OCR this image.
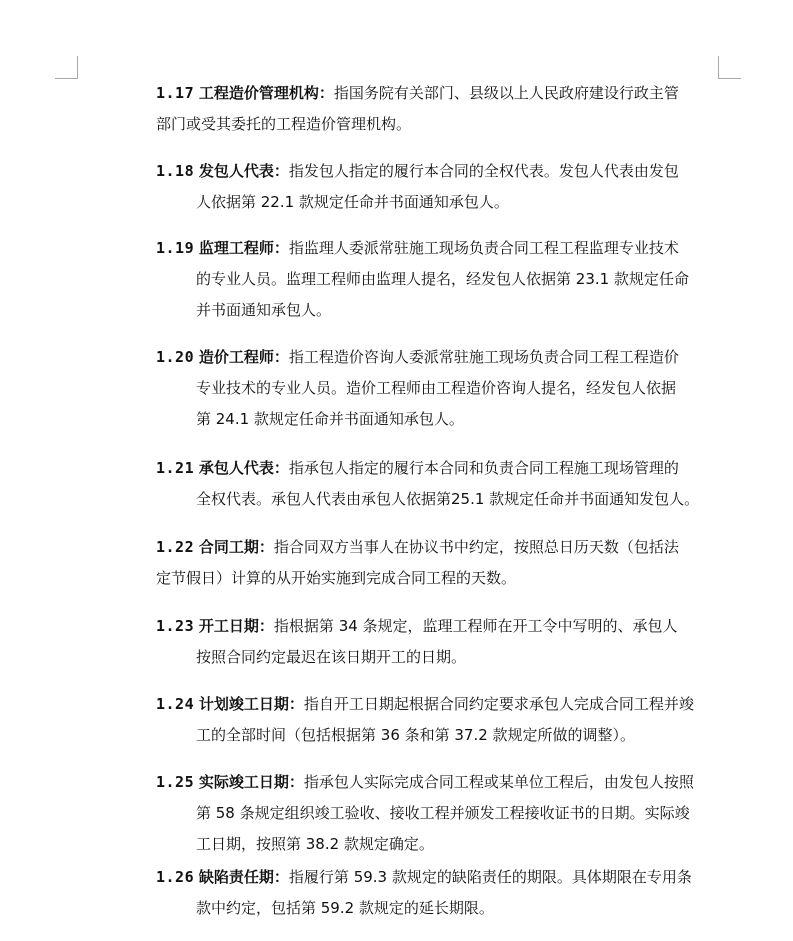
1.17 工程造价管理机构：指国务院有关部门、县级以上人民政府建设行政主管
部门或受其委托的工程造价管理机构。
1.18 发包人代表：指发包人指定的履行本合同的全权代表。发包人代表由发包
人依据第 22.1 款规定任命并书面通知承包人。
1.19 监理工程师：指监理人委派常驻施工现场负责合同工程工程监理专业技术
的专业人员。监理工程师由监理人提名，经发包人依据第 23.1 款规定任命
并书面通知承包人。
1.20 造价工程师：指工程造价咨询人委派常驻施工现场负责合同工程工程造价
专业技术的专业人员。造价工程师由工程造价咨询人提名，经发包人依据
第 24.1 款规定任命并书面通知承包人。
1.21 承包人代表：指承包人指定的履行本合同和负责合同工程施工现场管理的
全权代表。承包人代表由承包人依据第25.1 款规定任命并书面通知发包人。
1.22 合同工期：指合同双方当事人在协议书中约定，按照总日历天数（包括法
定节假日）计算的从开始实施到完成合同工程的天数。
1.23 开工日期：指根据第 34 条规定，监理工程师在开工令中写明的、承包人
按照合同约定最迟在该日期开工的日期。
1.24 计划竣工日期：指自开工日期起根据合同约定要求承包人完成合同工程并竣
工的全部时间（包括根据第 36 条和第 37.2 款规定所做的调整）。
1.25 实际竣工日期：指承包人实际完成合同工程或某单位工程后，由发包人按照
第 58 条规定组织竣工验收、接收工程并颁发工程接收证书的日期。实际竣
工日期，按照第 38.2 款规定确定。
1.26 缺陷责任期：指履行第 59.3 款规定的缺陷责任的期限。具体期限在专用条
款中约定，包括第 59.2 款规定的延长期限。
